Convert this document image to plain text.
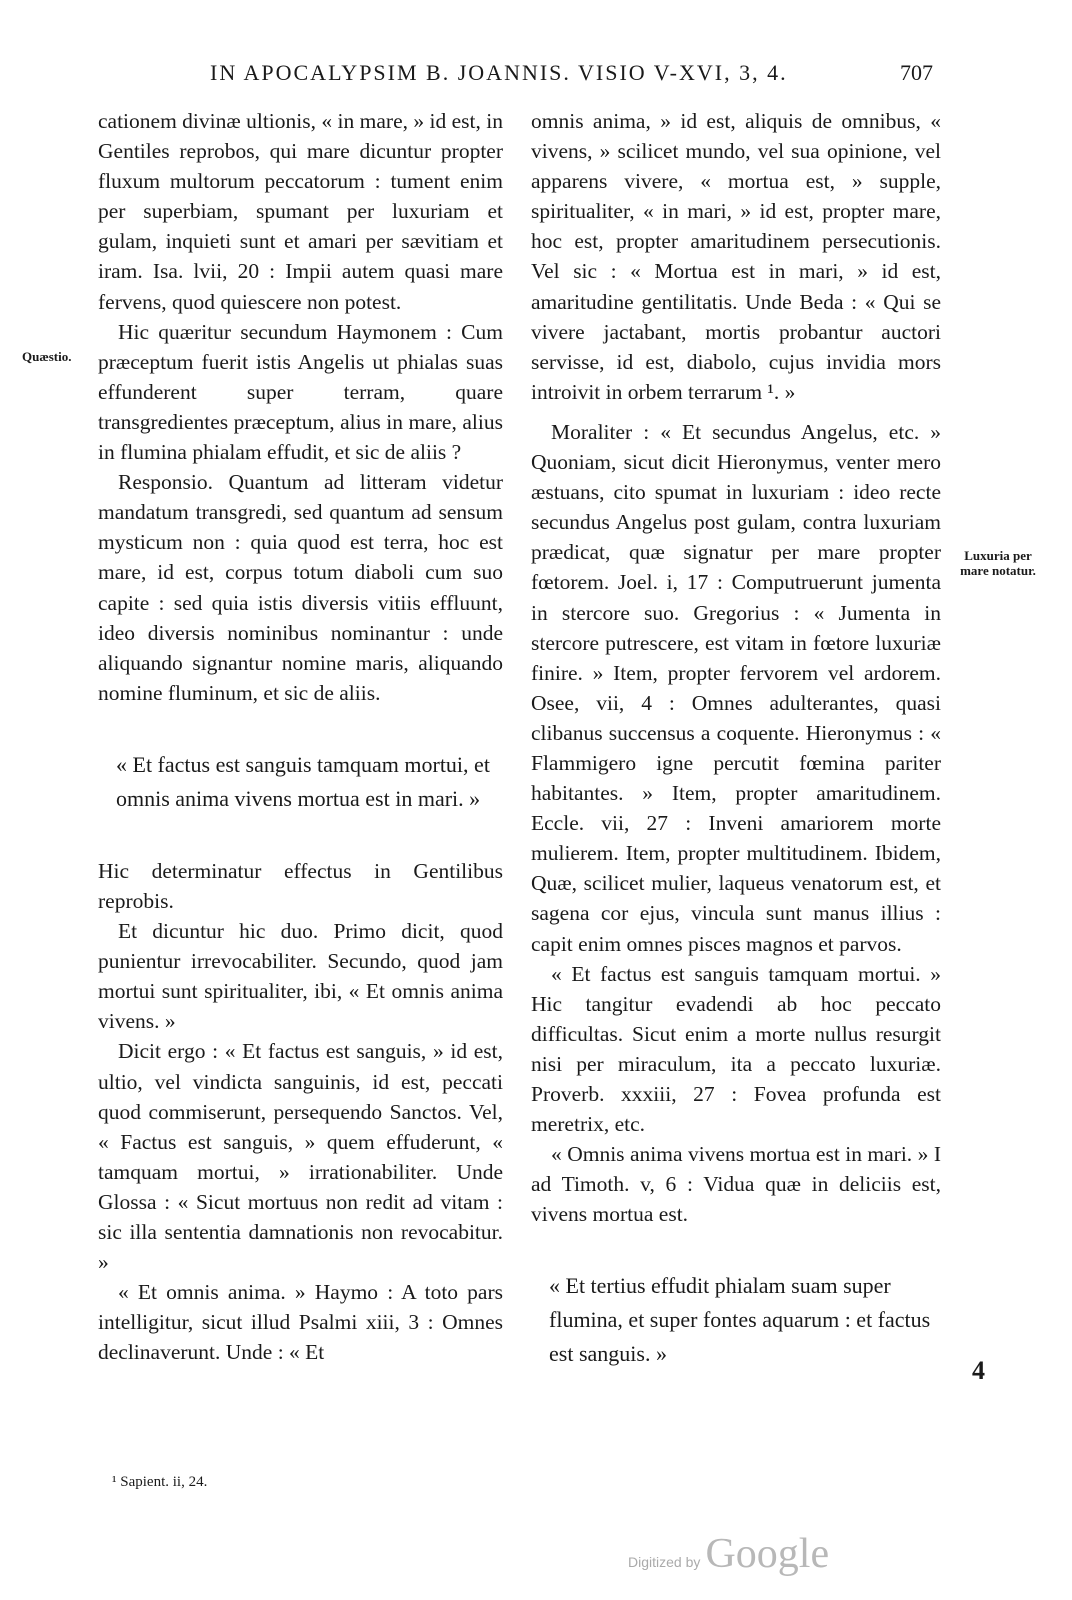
IN APOCALYPSIM B. JOANNIS. VISIO V-XVI, 3, 4.	707
Quæstio.
Luxuria per mare notatur.
4

cationem divinæ ultionis, « in mare, » id est, in Gentiles reprobos, qui mare dicuntur propter fluxum multorum peccatorum : tument enim per superbiam, spumant per luxuriam et gulam, inquieti sunt et amari per sævitiam et iram. Isa. lvii, 20 : Impii autem quasi mare fervens, quod quiescere non potest.

Hic quæritur secundum Haymonem : Cum præceptum fuerit istis Angelis ut phialas suas effunderent super terram, quare transgredientes præceptum, alius in mare, alius in flumina phialam effudit, et sic de aliis ?

Responsio. Quantum ad litteram videtur mandatum transgredi, sed quantum ad sensum mysticum non : quia quod est terra, hoc est mare, id est, corpus totum diaboli cum suo capite : sed quia istis diversis vitiis effluunt, ideo diversis nominibus nominantur : unde aliquando signantur nomine maris, aliquando nomine fluminum, et sic de aliis.

« Et factus est sanguis tamquam mortui, et omnis anima vivens mortua est in mari. »

Hic determinatur effectus in Gentilibus reprobis.

Et dicuntur hic duo. Primo dicit, quod punientur irrevocabiliter. Secundo, quod jam mortui sunt spiritualiter, ibi, « Et omnis anima vivens. »

Dicit ergo : « Et factus est sanguis, » id est, ultio, vel vindicta sanguinis, id est, peccati quod commiserunt, persequendo Sanctos. Vel, « Factus est sanguis, » quem effuderunt, « tamquam mortui, » irrationabiliter. Unde Glossa : « Sicut mortuus non redit ad vitam : sic illa sententia damnationis non revocabitur. »

« Et omnis anima. » Haymo : A toto pars intelligitur, sicut illud Psalmi xiii, 3 : Omnes declinaverunt. Unde : « Et

omnis anima, » id est, aliquis de omnibus, « vivens, » scilicet mundo, vel sua opinione, vel apparens vivere, « mortua est, » supple, spiritualiter, « in mari, » id est, propter mare, hoc est, propter amaritudinem persecutionis. Vel sic : « Mortua est in mari, » id est, amaritudine gentilitatis. Unde Beda : « Qui se vivere jactabant, mortis probantur auctori servisse, id est, diabolo, cujus invidia mors introivit in orbem terrarum ¹. »

Moraliter : « Et secundus Angelus, etc. » Quoniam, sicut dicit Hieronymus, venter mero æstuans, cito spumat in luxuriam : ideo recte secundus Angelus post gulam, contra luxuriam prædicat, quæ signatur per mare propter fœtorem. Joel. i, 17 : Computruerunt jumenta in stercore suo. Gregorius : « Jumenta in stercore putrescere, est vitam in fœtore luxuriæ finire. » Item, propter fervorem vel ardorem. Osee, vii, 4 : Omnes adulterantes, quasi clibanus succensus a coquente. Hieronymus : « Flammigero igne percutit fœmina pariter habitantes. » Item, propter amaritudinem. Eccle. vii, 27 : Inveni amariorem morte mulierem. Item, propter multitudinem. Ibidem, Quæ, scilicet mulier, laqueus venatorum est, et sagena cor ejus, vincula sunt manus illius : capit enim omnes pisces magnos et parvos.

« Et factus est sanguis tamquam mortui. » Hic tangitur evadendi ab hoc peccato difficultas. Sicut enim a morte nullus resurgit nisi per miraculum, ita a peccato luxuriæ. Proverb. xxxiii, 27 : Fovea profunda est meretrix, etc.

« Omnis anima vivens mortua est in mari. » I ad Timoth. v, 6 : Vidua quæ in deliciis est, vivens mortua est.

« Et tertius effudit phialam suam super flumina, et super fontes aquarum : et factus est sanguis. »

¹ Sapient. ii, 24.
Digitized by Google
